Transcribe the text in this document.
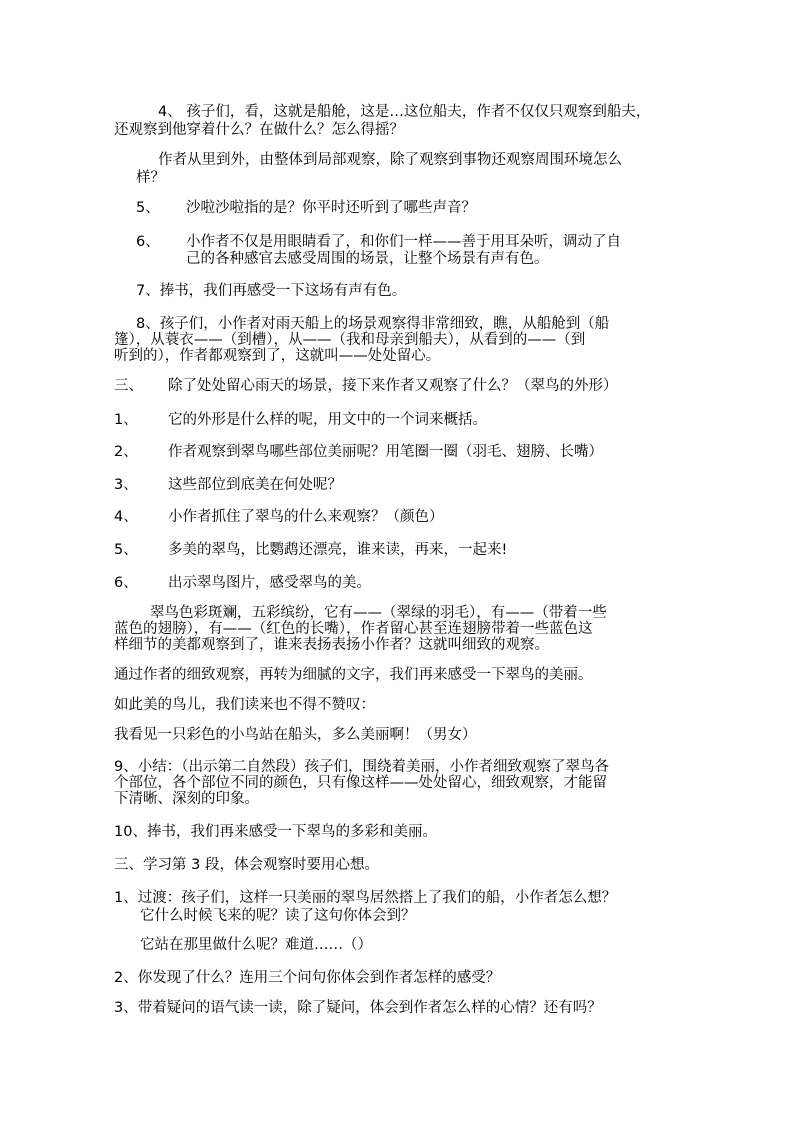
4、 孩子们，看，这就是船舱，这是…这位船夫，作者不仅仅只观察到船夫，
还观察到他穿着什么？在做什么？怎么得摇？
作者从里到外，由整体到局部观察，除了观察到事物还观察周围环境怎么
样？
5、 沙啦沙啦指的是？你平时还听到了哪些声音？
6、 小作者不仅是用眼睛看了，和你们一样——善于用耳朵听，调动了自
己的各种感官去感受周围的场景，让整个场景有声有色。
7、捧书，我们再感受一下这场有声有色。
8、孩子们，小作者对雨天船上的场景观察得非常细致，瞧，从船舱到（船
篷），从蓑衣——（到槽），从——（我和母亲到船夫），从看到的——（到
听到的），作者都观察到了，这就叫——处处留心。
三、 除了处处留心雨天的场景，接下来作者又观察了什么？（翠鸟的外形）
1、 它的外形是什么样的呢，用文中的一个词来概括。
2、 作者观察到翠鸟哪些部位美丽呢？用笔圈一圈（羽毛、翅膀、长嘴）
3、 这些部位到底美在何处呢？
4、 小作者抓住了翠鸟的什么来观察？（颜色）
5、 多美的翠鸟，比鹦鹉还漂亮，谁来读，再来，一起来!
6、 出示翠鸟图片，感受翠鸟的美。
翠鸟色彩斑斓，五彩缤纷，它有——（翠绿的羽毛），有——（带着一些
蓝色的翅膀），有——（红色的长嘴），作者留心甚至连翅膀带着一些蓝色这
样细节的美都观察到了，谁来表扬表扬小作者？这就叫细致的观察。
通过作者的细致观察，再转为细腻的文字，我们再来感受一下翠鸟的美丽。
如此美的鸟儿，我们读来也不得不赞叹：
我看见一只彩色的小鸟站在船头，多么美丽啊！（男女）
9、小结：（出示第二自然段）孩子们，围绕着美丽，小作者细致观察了翠鸟各
个部位，各个部位不同的颜色，只有像这样——处处留心，细致观察，才能留
下清晰、深刻的印象。
10、捧书，我们再来感受一下翠鸟的多彩和美丽。
三、学习第 3 段，体会观察时要用心想。
1、过渡：孩子们，这样一只美丽的翠鸟居然搭上了我们的船，小作者怎么想？
它什么时候飞来的呢？读了这句你体会到？
它站在那里做什么呢？难道……（）
2、你发现了什么？连用三个问句你体会到作者怎样的感受？
3、带着疑问的语气读一读，除了疑问，体会到作者怎么样的心情？还有吗？
